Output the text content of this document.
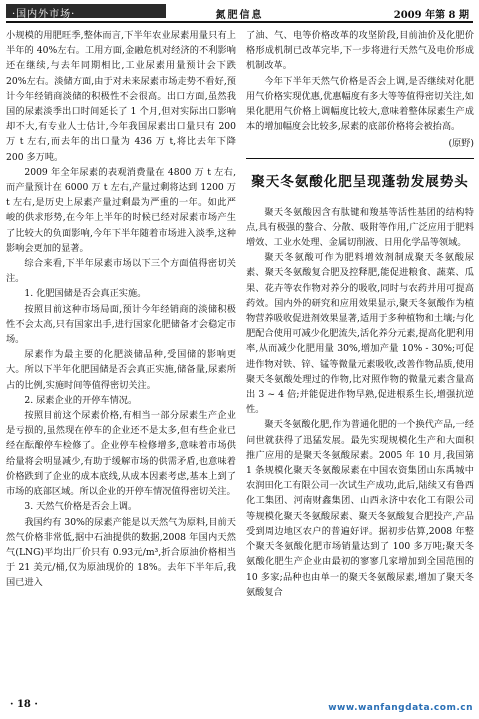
·国内外市场·	氮肥信息	2009 年第 8 期

小规模的用肥旺季,整体而言,下半年农业尿素用量只有上半年的 40%左右。工用方面,金融危机对经济的不利影响还在继续,与去年同期相比,工业尿素用量预计会下跌 20%左右。淡储方面,由于对未来尿素市场走势不看好,预计今年经销商淡储的积极性不会很高。出口方面,虽然我国的尿素淡季出口时间延长了 1 个月,但对实际出口影响却不大,有专业人士估计,今年我国尿素出口量只有 200 万 t 左右,而去年的出口量为 436 万 t,将比去年下降 200 多万吨。

2009 年全年尿素的表观消费量在 4800 万 t 左右,而产量预计在 6000 万 t 左右,产量过剩将达到 1200 万 t 左右,是历史上尿素产量过剩最为严重的一年。如此严峻的供求形势,在今年上半年的时候已经对尿素市场产生了比较大的负面影响,今年下半年随着市场进入淡季,这种影响会更加的显著。

综合来看,下半年尿素市场以下三个方面值得密切关注。

1. 化肥国储是否会真正实施。

按照目前这种市场局面,预计今年经销商的淡储积极性不会太高,只有国家出手,进行国家化肥储备才会稳定市场。

尿素作为最主要的化肥淡储品种,受国储的影响更大。所以下半年化肥国储是否会真正实施,储备量,尿素所占的比例,实施时间等值得密切关注。

2. 尿素企业的开停车情况。

按照目前这个尿素价格,有相当一部分尿素生产企业是亏损的,虽然现在停车的企业还不是太多,但有些企业已经在酝酿停车检修了。企业停车检修增多,意味着市场供给量将会明显减少,有助于缓解市场的供需矛盾,也意味着价格跌到了企业的成本底线,从成本因素考虑,基本上到了市场的底部区域。所以企业的开停车情况值得密切关注。

3. 天然气价格是否会上调。

我国约有 30%的尿素产能是以天然气为原料,目前天然气价格非常低,据中石油提供的数据,2008 年国内天然气(LNG)平均出厂价只有 0.93元/m³,折合原油价格相当于 21 美元/桶,仅为原油现价的 18%。去年下半年后,我国已进入

了油、气、电等价格改革的攻坚阶段,目前油价及化肥价格形成机制已改革完毕,下一步将进行天然气及电价形成机制改革。

今年下半年天然气价格是否会上调,是否继续对化肥用气价格实现优惠,优惠幅度有多大等等值得密切关注,如果化肥用气价格上调幅度比较大,意味着整体尿素生产成本的增加幅度会比较多,尿素的底部价格将会被抬高。

(原野)

聚天冬氨酸化肥呈现蓬勃发展势头

聚天冬氨酸因含有肽键和羧基等活性基团的结构特点,具有极强的螯合、分散、吸附等作用,广泛应用于肥料增效、工业水处理、金属切削液、日用化学品等领域。

聚天冬氨酸可作为肥料增效剂制成聚天冬氨酸尿素、聚天冬氨酸复合肥及控释肥,能促进粮食、蔬菜、瓜果、花卉等农作物对养分的吸收,同时与农药并用可提高药效。国内外的研究和应用效果显示,聚天冬氨酸作为植物营养吸收促进剂效果显著,适用于多种植物和土壤;与化肥配合使用可减少化肥流失,活化养分元素,提高化肥利用率,从而减少化肥用量 30%,增加产量 10% - 30%;可促进作物对铁、锌、锰等微量元素吸收,改善作物品质,使用聚天冬氨酸处理过的作物,比对照作物的微量元素含量高出 3 ~ 4 倍;并能促进作物早熟,促进根系生长,增强抗逆性。

聚天冬氨酸化肥,作为普通化肥的一个换代产品,一经问世就获得了迅猛发展。最先实现规模化生产和大面积推广应用的是聚天冬氨酸尿素。2005 年 10 月,我国第 1 条规模化聚天冬氨酸尿素在中国农资集团山东禹城中农润田化工有限公司一次试生产成功,此后,陆续又有鲁西化工集团、河南财鑫集团、山西永济中农化工有限公司等规模化聚天冬氨酸尿素、聚天冬氨酸复合肥投产,产品受到周边地区农户的普遍好评。据初步估算,2008 年整个聚天冬氨酸化肥市场销量达到了 100 多万吨;聚天冬氨酸化肥生产企业由最初的寥寥几家增加到全国范围的 10 多家;品种也由单一的聚天冬氨酸尿素,增加了聚天冬氨酸复合

· 18 ·	www.wanfangdata.com.cn
